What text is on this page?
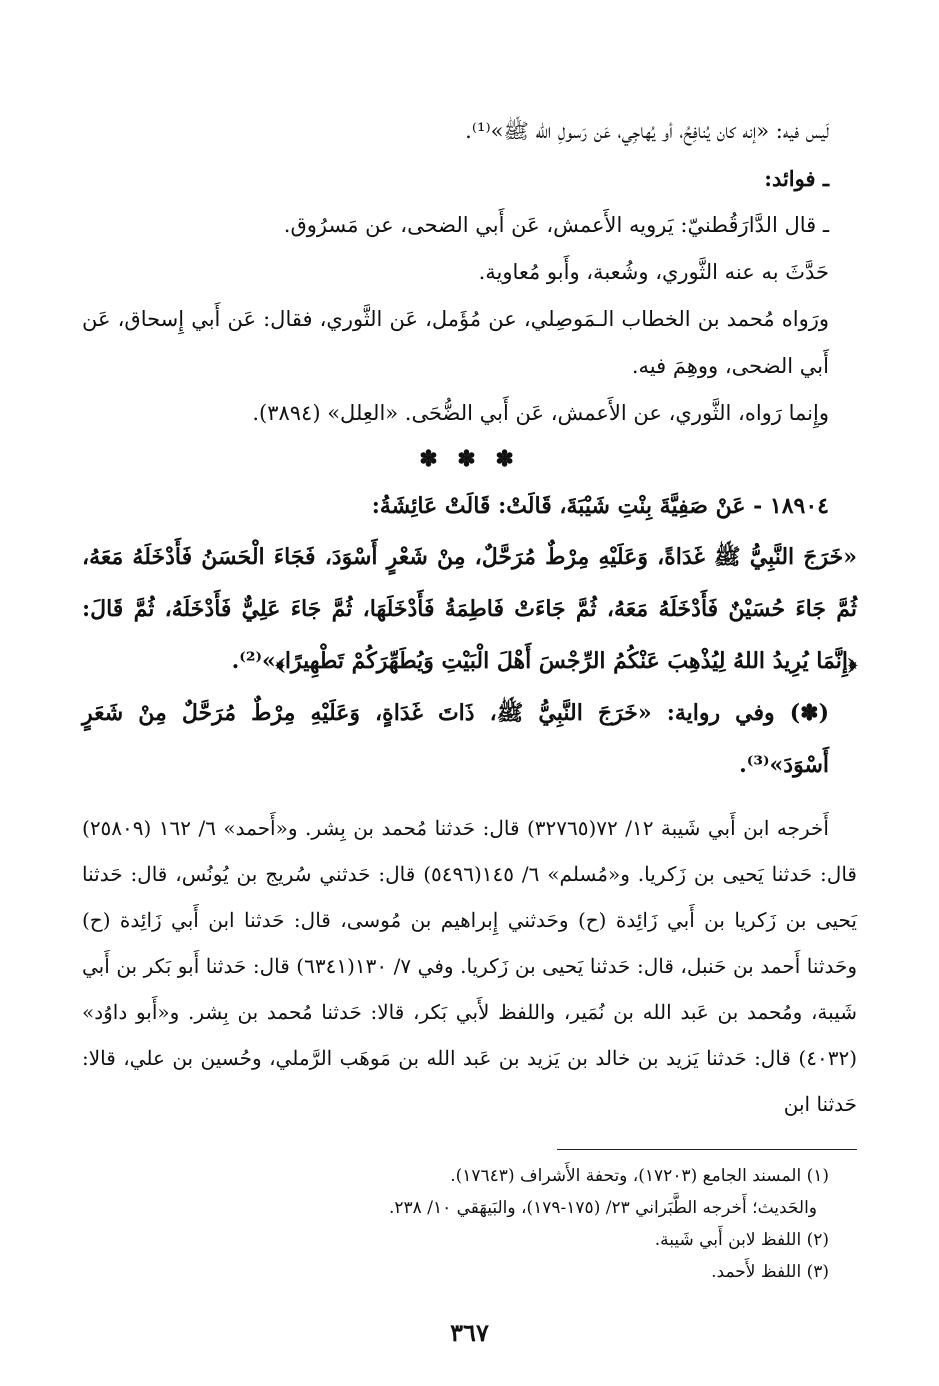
لَيس فيه: «إنه كان يُنافِحُ، أو يُهاجِي، عَن رَسولِ الله ﷺ»⁽¹⁾.

ـ فوائد:

ـ قال الدَّارَقُطنيّ: يَرويه الأَعمش، عَن أَبي الضحى، عن مَسرُوق.

حَدَّثَ به عنه الثَّوري، وشُعبة، وأَبو مُعاوية.

ورَواه مُحمد بن الخطاب الـمَوصِلي، عن مُؤَمل، عَن الثَّوري، فقال: عَن أَبي إِسحاق، عَن أَبي الضحى، ووهِمَ فيه.

وإِنما رَواه، الثَّوري، عن الأَعمش، عَن أَبي الضُّحَى. «العِلل» (٣٨٩٤).

✽ ✽ ✽

١٨٩٠٤ - عَنْ صَفِيَّةَ بِنْتِ شَيْبَةَ، قَالَتْ: قَالَتْ عَائِشَةُ:

«خَرَجَ النَّبِيُّ ﷺ غَدَاةً، وَعَلَيْهِ مِرْطٌ مُرَحَّلٌ، مِنْ شَعْرٍ أَسْوَدَ، فَجَاءَ الْحَسَنُ فَأَدْخَلَهُ مَعَهُ، ثُمَّ جَاءَ حُسَيْنٌ فَأَدْخَلَهُ مَعَهُ، ثُمَّ جَاءَتْ فَاطِمَةُ فَأَدْخَلَهَا، ثُمَّ جَاءَ عَلِيٌّ فَأَدْخَلَهُ، ثُمَّ قَالَ: ﴿إِنَّمَا يُرِيدُ اللهُ لِيُذْهِبَ عَنْكُمُ الرِّجْسَ أَهْلَ الْبَيْتِ وَيُطَهِّرَكُمْ تَطْهِيرًا﴾»⁽²⁾.

(✽) وفي رواية: «خَرَجَ النَّبِيُّ ﷺ، ذَاتَ غَدَاةٍ، وَعَلَيْهِ مِرْطٌ مُرَحَّلٌ مِنْ شَعَرٍ أَسْوَدَ»⁽³⁾.

أَخرجه ابن أَبي شَيبة ١٢/ ٧٢(٣٢٧٦٥) قال: حَدثنا مُحمد بن بِشر. و«أَحمد» ٦/ ١٦٢ (٢٥٨٠٩) قال: حَدثنا يَحيى بن زَكريا. و«مُسلم» ٦/ ١٤٥(٥٤٩٦) قال: حَدثني سُريج بن يُونُس، قال: حَدثنا يَحيى بن زَكريا بن أَبي زَائِدة (ح) وحَدثني إِبراهيم بن مُوسى، قال: حَدثنا ابن أَبي زَائِدة (ح) وحَدثنا أَحمد بن حَنبل، قال: حَدثنا يَحيى بن زَكريا. وفي ٧/ ١٣٠(٦٣٤١) قال: حَدثنا أَبو بَكر بن أَبي شَيبة، ومُحمد بن عَبد الله بن نُمَير، واللفظ لأَبي بَكر، قالا: حَدثنا مُحمد بن بِشر. و«أَبو داوُد» (٤٠٣٢) قال: حَدثنا يَزيد بن خالد بن يَزيد بن عَبد الله بن مَوهَب الرَّملي، وحُسين بن علي، قالا: حَدثنا ابن

(١) المسند الجامع (١٧٢٠٣)، وتحفة الأَشراف (١٧٦٤٣).

والحَديث؛ أَخرجه الطَّبَراني ٢٣/ (١٧٥-١٧٩)، والبَيهَقي ١٠/ ٢٣٨.

(٢) اللفظ لابن أَبي شَيبة.

(٣) اللفظ لأَحمد.

٣٦٧
